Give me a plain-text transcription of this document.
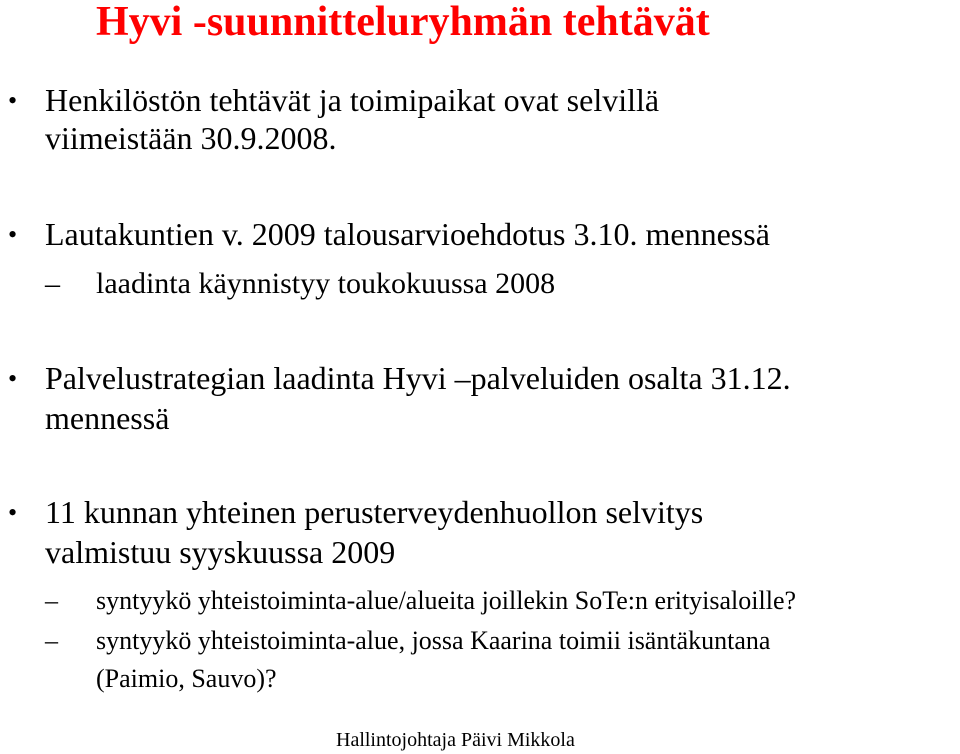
Hyvi -suunnitteluryhmän tehtävät
• Henkilöstön tehtävät ja toimipaikat ovat selvillä
viimeistään 30.9.2008.
• Lautakuntien v. 2009 talousarvioehdotus 3.10. mennessä
– laadinta käynnistyy toukokuussa 2008
• Palvelustrategian laadinta Hyvi –palveluiden osalta 31.12.
mennessä
• 11 kunnan yhteinen perusterveydenhuollon selvitys
valmistuu syyskuussa 2009
– syntyykö yhteistoiminta-alue/alueita joillekin SoTe:n erityisaloille?
– syntyykö yhteistoiminta-alue, jossa Kaarina toimii isäntäkuntana
(Paimio, Sauvo)?
Hallintojohtaja Päivi Mikkola
